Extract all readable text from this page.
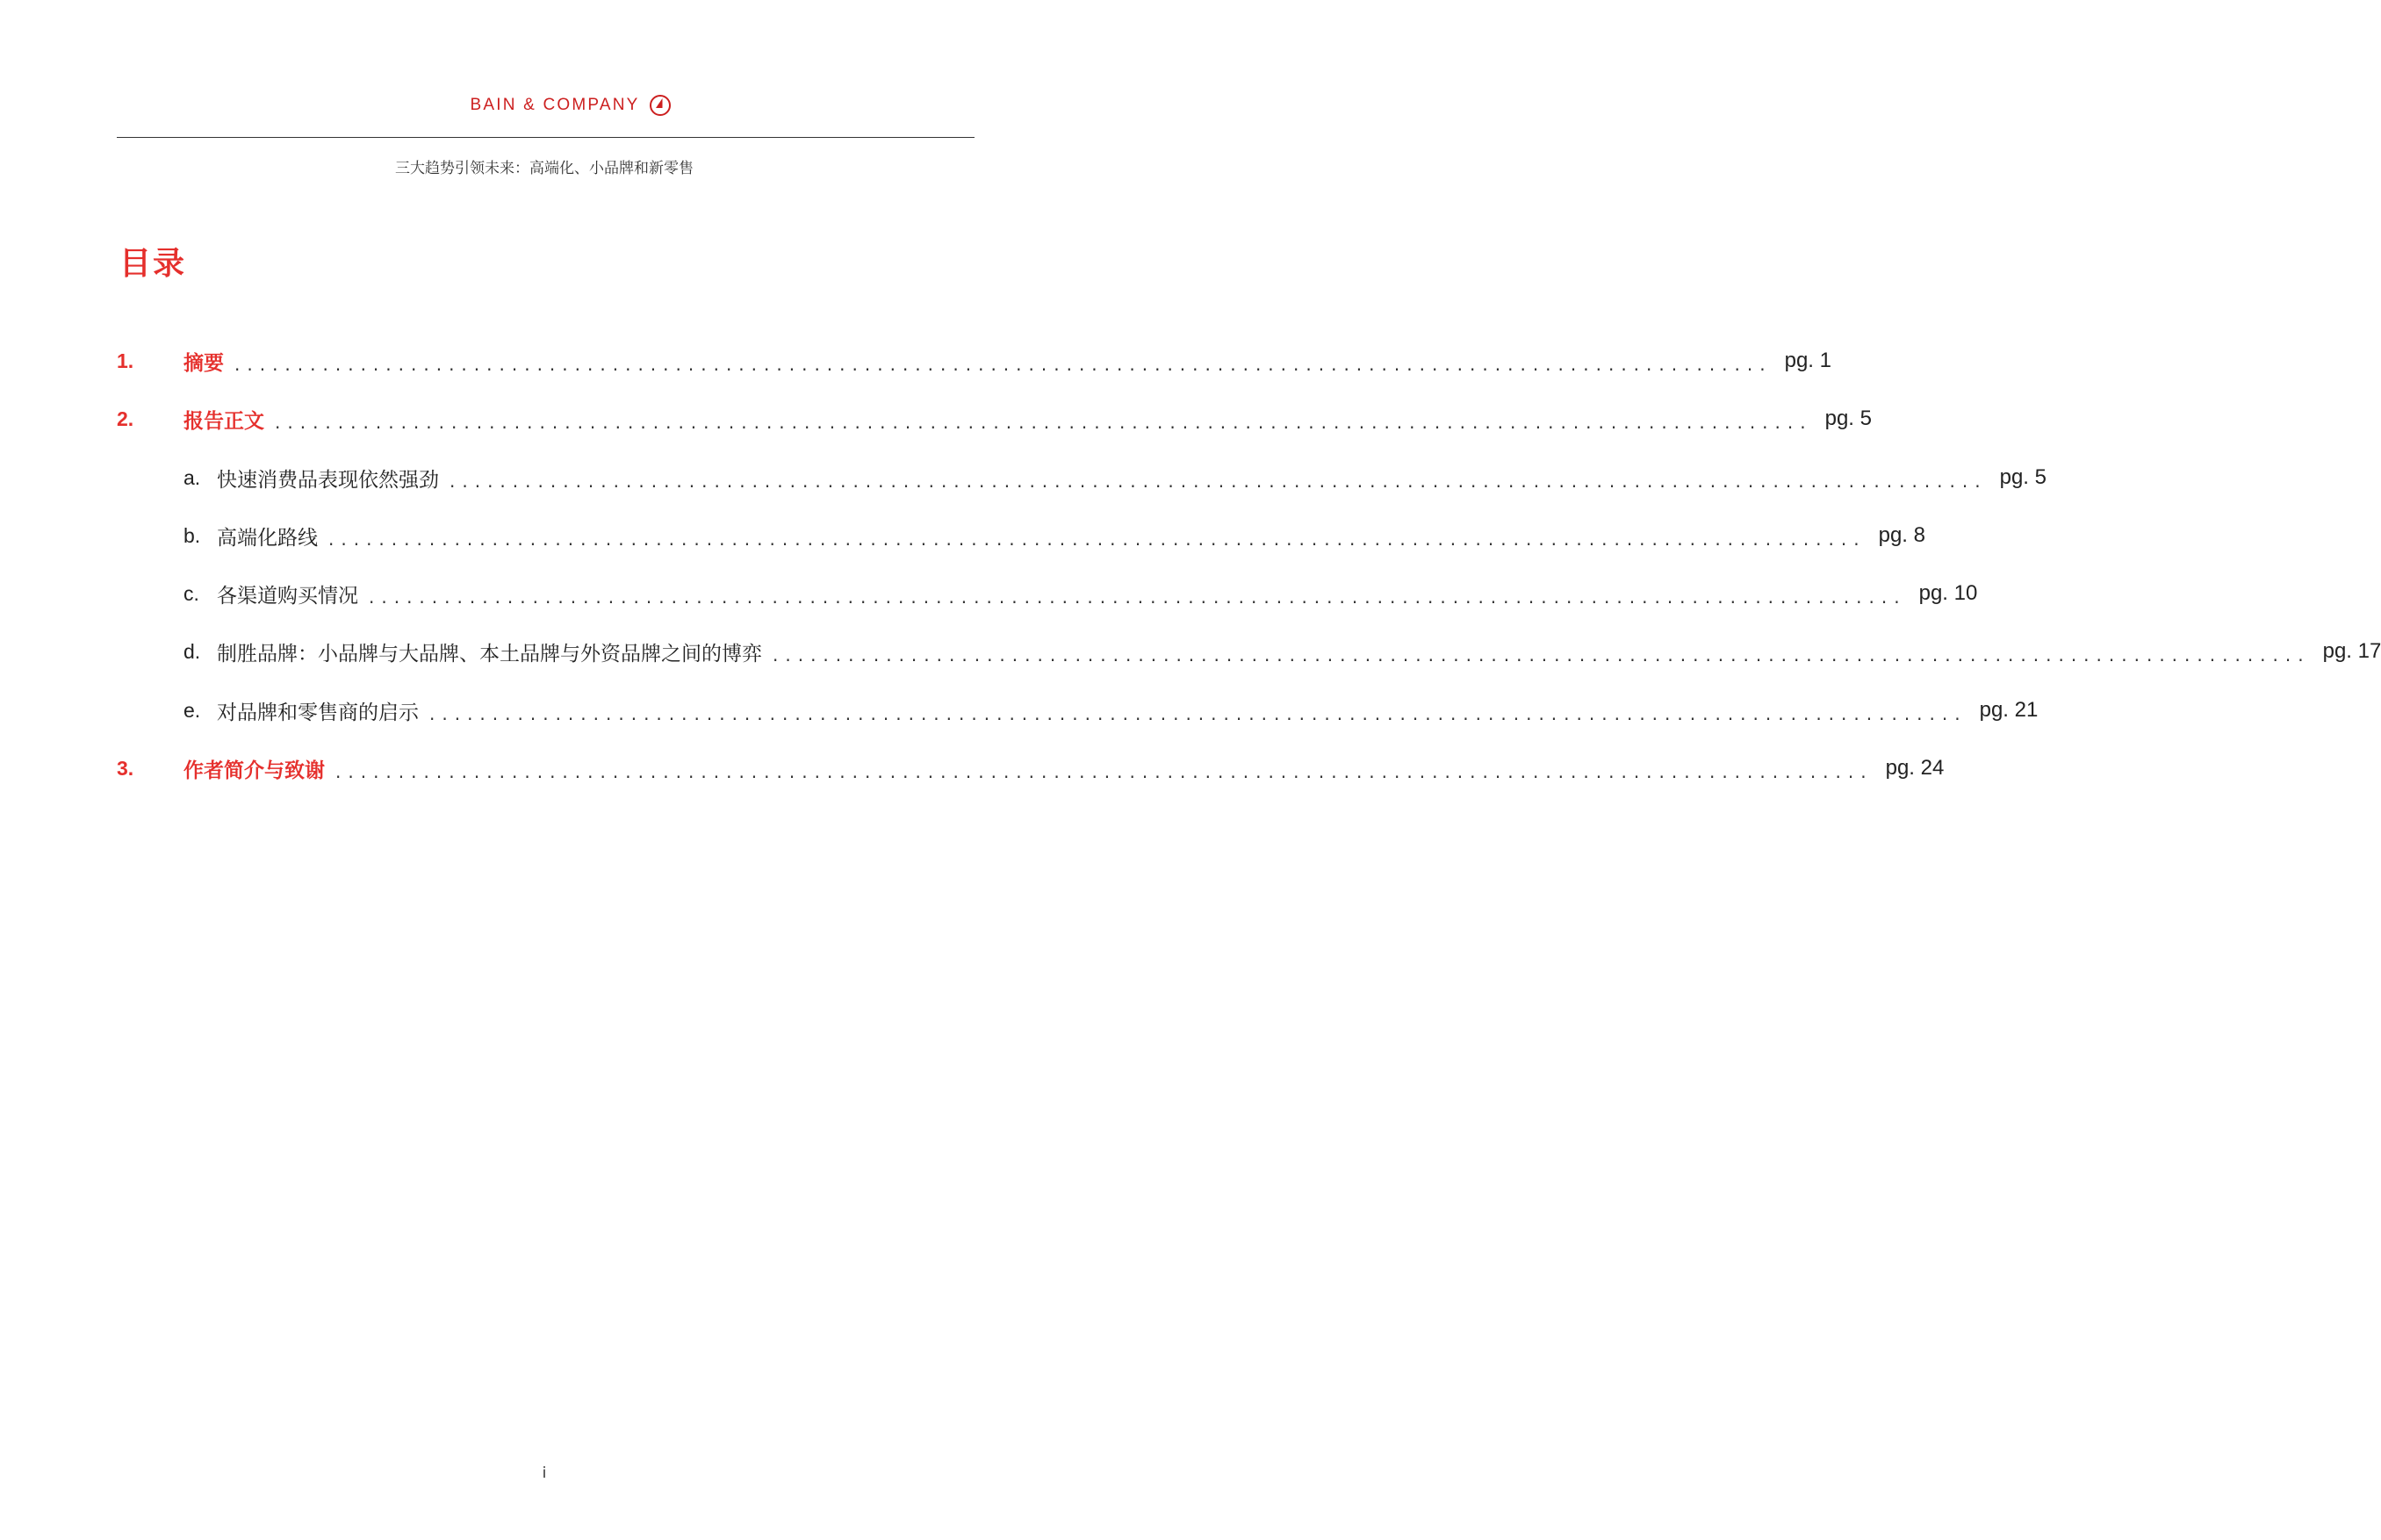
BAIN & COMPANY
三大趋势引领未来：高端化、小品牌和新零售
目录
1.	摘要 .......................................................................................................................... pg. 1
2.	报告正文 .......................................................................................................................... pg. 5
a. 快速消费品表现依然强劲 .......................................................................................................................... pg. 5
b. 高端化路线 .......................................................................................................................... pg. 8
c. 各渠道购买情况 .......................................................................................................................... pg. 10
d. 制胜品牌：小品牌与大品牌、本土品牌与外资品牌之间的博弈 .......................................................................................................................... pg. 17
e. 对品牌和零售商的启示 .......................................................................................................................... pg. 21
3.	作者简介与致谢 .......................................................................................................................... pg. 24
i
